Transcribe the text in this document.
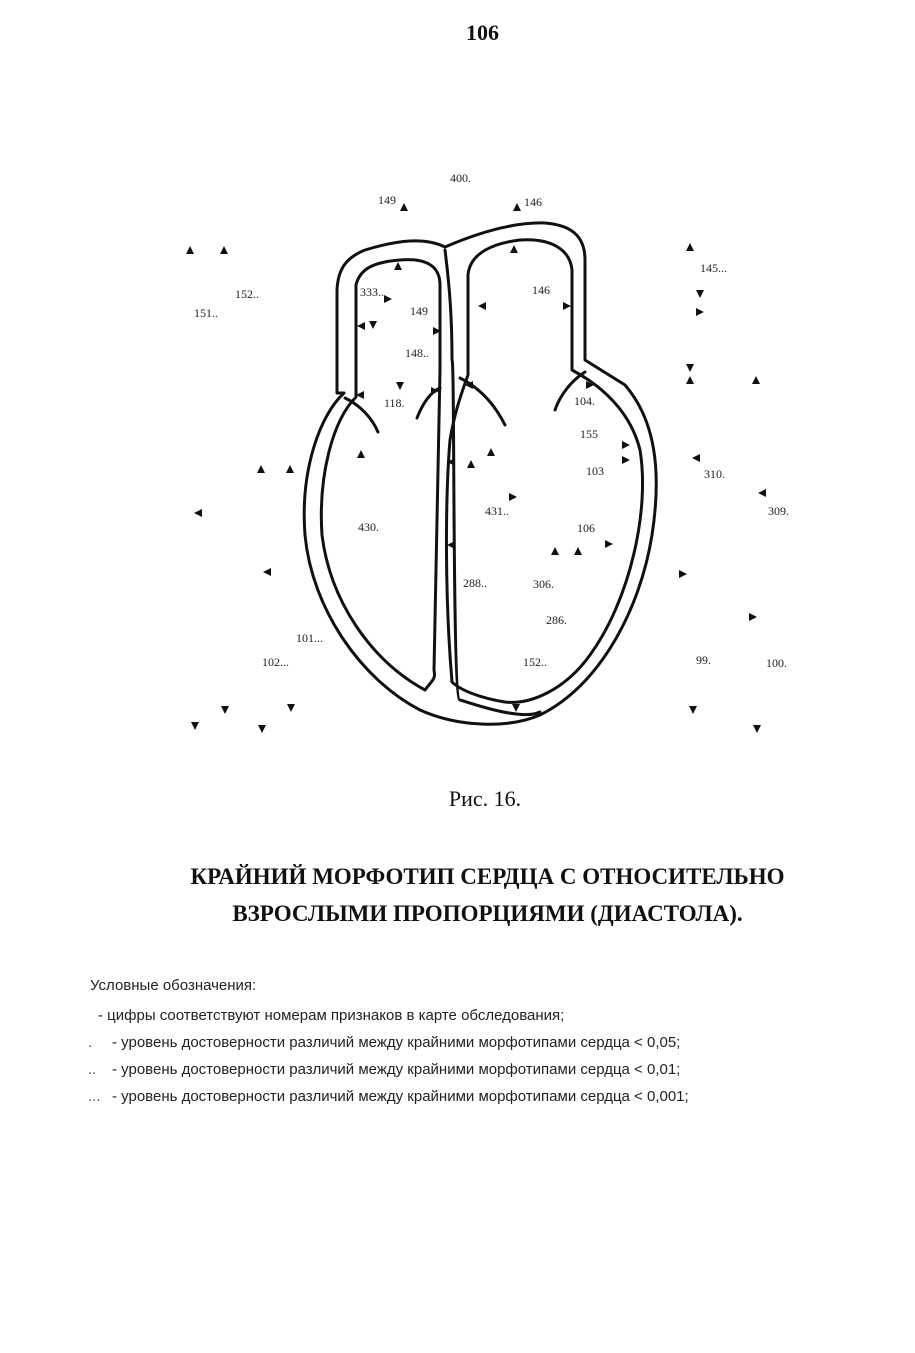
106
400.
149	146
145...
152..
151..
333..
149
146
148..
118.	104.
155
103	310.
309.
431..
430.	106
288..	306.
286.
101...
102...	152..	99.	100.
Рис. 16.
КРАЙНИЙ МОРФОТИП СЕРДЦА С ОТНОСИТЕЛЬНО
ВЗРОСЛЫМИ ПРОПОРЦИЯМИ (ДИАСТОЛА).
Условные обозначения:
- цифры соответствуют номерам признаков в карте обследования;
. - уровень достоверности различий между крайними морфотипами сердца < 0,05;
.. - уровень достоверности различий между крайними морфотипами сердца < 0,01;
... - уровень достоверности различий между крайними морфотипами сердца < 0,001;
